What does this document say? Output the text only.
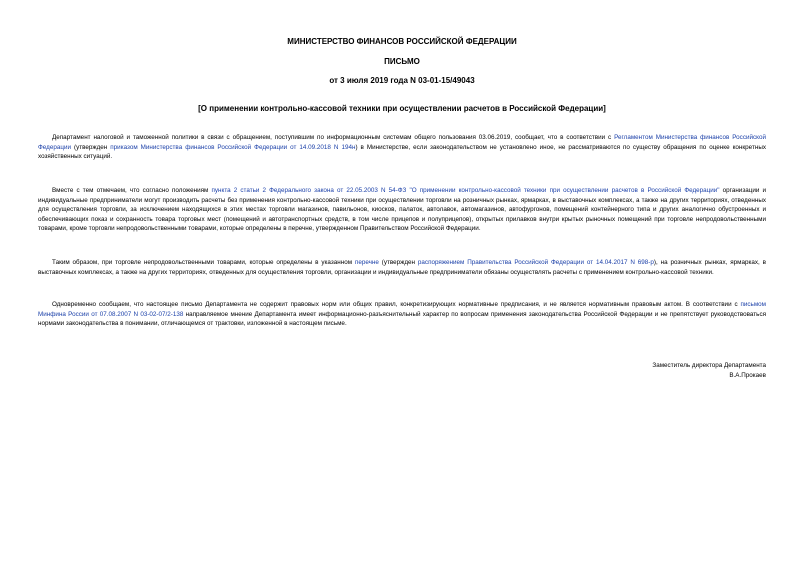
МИНИСТЕРСТВО ФИНАНСОВ РОССИЙСКОЙ ФЕДЕРАЦИИ

ПИСЬМО

от 3 июля 2019 года N 03-01-15/49043

[О применении контрольно-кассовой техники при осуществлении расчетов в Российской Федерации]

Департамент налоговой и таможенной политики в связи с обращением, поступившим по информационным системам общего пользования 03.06.2019, сообщает, что в соответствии с Регламентом Министерства финансов Российской Федерации (утвержден приказом Министерства финансов Российской Федерации от 14.09.2018 N 194н) в Министерстве, если законодательством не установлено иное, не рассматриваются по существу обращения по оценке конкретных хозяйственных ситуаций.

Вместе с тем отмечаем, что согласно положениям пункта 2 статьи 2 Федерального закона от 22.05.2003 N 54-ФЗ "О применении контрольно-кассовой техники при осуществлении расчетов в Российской Федерации" организации и индивидуальные предприниматели могут производить расчеты без применения контрольно-кассовой техники при осуществлении торговли на розничных рынках, ярмарках, в выставочных комплексах, а также на других территориях, отведенных для осуществления торговли, за исключением находящихся в этих местах торговли магазинов, павильонов, киосков, палаток, автолавок, автомагазинов, автофургонов, помещений контейнерного типа и других аналогично обустроенных и обеспечивающих показ и сохранность товара торговых мест (помещений и автотранспортных средств, в том числе прицепов и полуприцепов), открытых прилавков внутри крытых рыночных помещений при торговле непродовольственными товарами, кроме торговли непродовольственными товарами, которые определены в перечне, утвержденном Правительством Российской Федерации.

Таким образом, при торговле непродовольственными товарами, которые определены в указанном перечне (утвержден распоряжением Правительства Российской Федерации от 14.04.2017 N 698-р), на розничных рынках, ярмарках, в выставочных комплексах, а также на других территориях, отведенных для осуществления торговли, организации и индивидуальные предприниматели обязаны осуществлять расчеты с применением контрольно-кассовой техники.

Одновременно сообщаем, что настоящее письмо Департамента не содержит правовых норм или общих правил, конкретизирующих нормативные предписания, и не является нормативным правовым актом. В соответствии с письмом Минфина России от 07.08.2007 N 03-02-07/2-138 направляемое мнение Департамента имеет информационно-разъяснительный характер по вопросам применения законодательства Российской Федерации и не препятствует руководствоваться нормами законодательства в понимании, отличающемся от трактовки, изложенной в настоящем письме.

Заместитель директора Департамента
В.А.Прокаев
